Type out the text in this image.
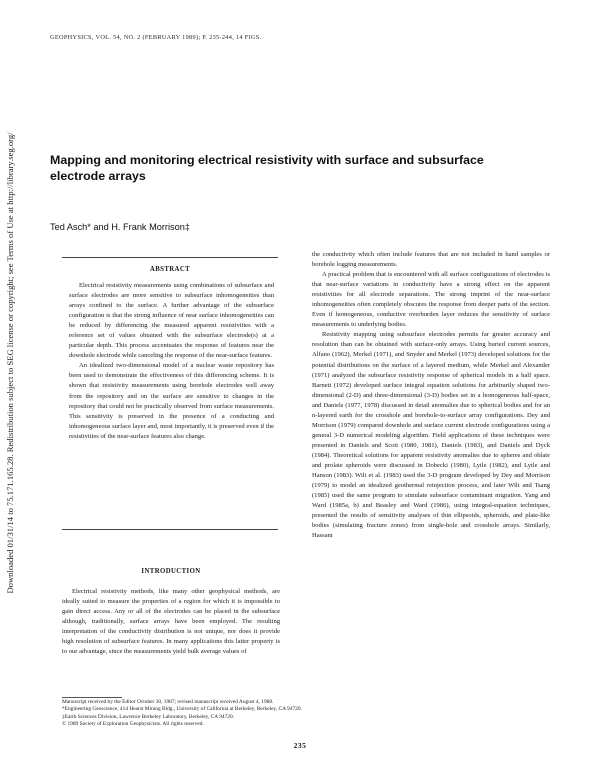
GEOPHYSICS, VOL. 54, NO. 2 (FEBRUARY 1989); P. 235-244, 14 FIGS.
Downloaded 01/31/14 to 75.171.165.28. Redistribution subject to SEG license or copyright; see Terms of Use at http://library.seg.org/	Mapping and monitoring electrical resistivity with surface and subsurface electrode arrays
Ted Asch* and H. Frank Morrison‡
ABSTRACT

Electrical resistivity measurements using combinations of subsurface and surface electrodes are more sensitive to subsurface inhomogeneities than arrays confined to the surface. A further advantage of the subsurface configuration is that the strong influence of near surface inhomogeneities can be reduced by differencing the measured apparent resistivities with a reference set of values obtained with the subsurface electrode(s) at a particular depth. This process accentuates the response of features near the downhole electrode while canceling the response of the near-surface features.

An idealized two-dimensional model of a nuclear waste repository has been used to demonstrate the effectiveness of this differencing scheme. It is shown that resistivity measurements using borehole electrodes well away from the repository and on the surface are sensitive to changes in the repository that could not be practically observed from surface measurements. This sensitivity is preserved in the presence of a conducting and inhomogeneous surface layer and, most importantly, it is preserved even if the resistivities of the near-surface features also change.

INTRODUCTION

Electrical resistivity methods, like many other geophysical methods, are ideally suited to measure the properties of a region for which it is impossible to gain direct access. Any or all of the electrodes can be placed in the subsurface although, traditionally, surface arrays have been employed. The resulting interpretation of the conductivity distribution is not unique, nor does it provide high resolution of subsurface features. In many applications this latter property is to our advantage, since the measurements yield bulk average values of

the conductivity which often include features that are not included in hand samples or borehole logging measurements.

A practical problem that is encountered with all surface configurations of electrodes is that near-surface variations in conductivity have a strong effect on the apparent resistivities for all electrode separations. The strong imprint of the near-surface inhomogeneities often completely obscures the response from deeper parts of the section. Even if homogeneous, conductive overburden layer reduces the sensitivity of surface measurements to underlying bodies.

Resistivity mapping using subsurface electrodes permits far greater accuracy and resolution than can be obtained with surface-only arrays. Using buried current sources, Alfano (1962), Merkel (1971), and Snyder and Merkel (1973) developed solutions for the potential distributions on the surface of a layered medium, while Merkel and Alexander (1971) analyzed the subsurface resistivity response of spherical models in a half space. Barnett (1972) developed surface integral equation solutions for arbitrarily shaped two-dimensional (2-D) and three-dimensional (3-D) bodies set in a homogeneous half-space, and Daniels (1977, 1978) discussed in detail anomalies due to spherical bodies and for an n-layered earth for the crosshole and borehole-to-surface array configurations. Dey and Morrison (1979) compared downhole and surface current electrode configurations using a general 3-D numerical modeling algorithm. Field applications of these techniques were presented in Daniels and Scott (1980, 1981), Daniels (1983), and Daniels and Dyck (1984). Theoretical solutions for apparent resistivity anomalies due to spheres and oblate and prolate spheroids were discussed in Dobecki (1980), Lytle (1982), and Lytle and Hanson (1983). Wilt et al. (1983) used the 3-D program developed by Dey and Morrison (1979) to model an idealized geothermal reinjection process, and later Wilt and Tsang (1985) used the same program to simulate subsurface contaminant migration. Yang and Ward (1985a, b) and Beasley and Ward (1986), using integral-equation techniques, presented the results of sensitivity analyses of thin ellipsoids, spheroids, and plate-like bodies (simulating fracture zones) from single-hole and crosshole arrays. Similarly, Hassani

Manuscript received by the Editor October 30, 1987; revised manuscript received August 4, 1988.
*Engineering Geoscience, 414 Hearst Mining Bldg., University of California at Berkeley, Berkeley, CA 94720.
‡Earth Sciences Division, Lawrence Berkeley Laboratory, Berkeley, CA 94720.
© 1989 Society of Exploration Geophysicists. All rights reserved.
235
